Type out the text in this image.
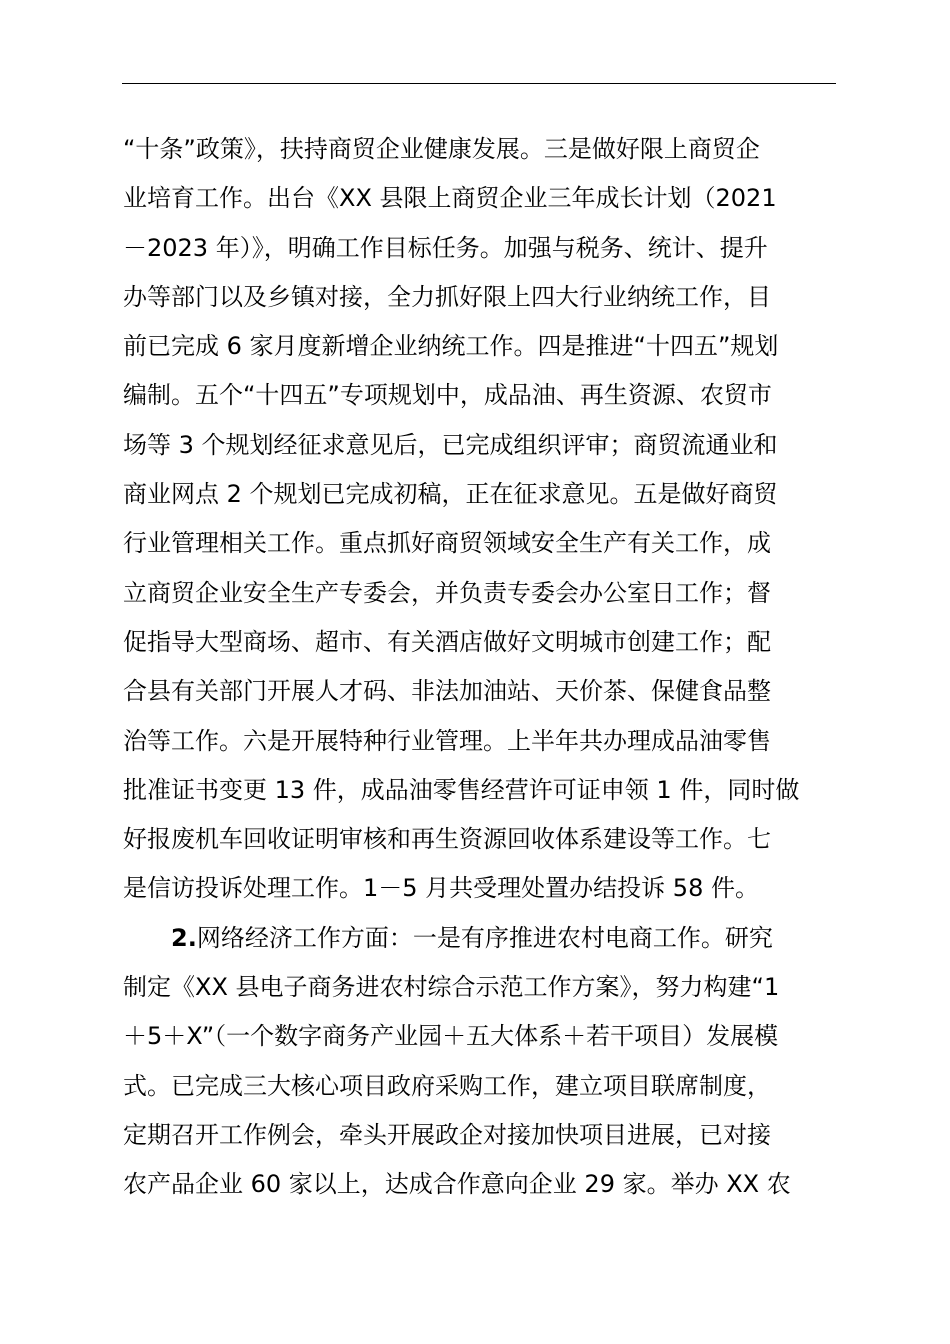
“十条”政策》，扶持商贸企业健康发展。三是做好限上商贸企
业培育工作。出台《XX 县限上商贸企业三年成长计划（2021
－2023 年）》，明确工作目标任务。加强与税务、统计、提升
办等部门以及乡镇对接，全力抓好限上四大行业纳统工作，目
前已完成 6 家月度新增企业纳统工作。四是推进“十四五”规划
编制。五个“十四五”专项规划中，成品油、再生资源、农贸市
场等 3 个规划经征求意见后，已完成组织评审；商贸流通业和
商业网点 2 个规划已完成初稿，正在征求意见。五是做好商贸
行业管理相关工作。重点抓好商贸领域安全生产有关工作，成
立商贸企业安全生产专委会，并负责专委会办公室日工作；督
促指导大型商场、超市、有关酒店做好文明城市创建工作；配
合县有关部门开展人才码、非法加油站、天价茶、保健食品整
治等工作。六是开展特种行业管理。上半年共办理成品油零售
批准证书变更 13 件，成品油零售经营许可证申领 1 件，同时做
好报废机车回收证明审核和再生资源回收体系建设等工作。七
是信访投诉处理工作。1－5 月共受理处置办结投诉 58 件。
2.网络经济工作方面：一是有序推进农村电商工作。研究
制定《XX 县电子商务进农村综合示范工作方案》，努力构建“1
＋5＋X”（一个数字商务产业园＋五大体系＋若干项目）发展模
式。已完成三大核心项目政府采购工作，建立项目联席制度，
定期召开工作例会，牵头开展政企对接加快项目进展，已对接
农产品企业 60 家以上，达成合作意向企业 29 家。举办 XX 农
